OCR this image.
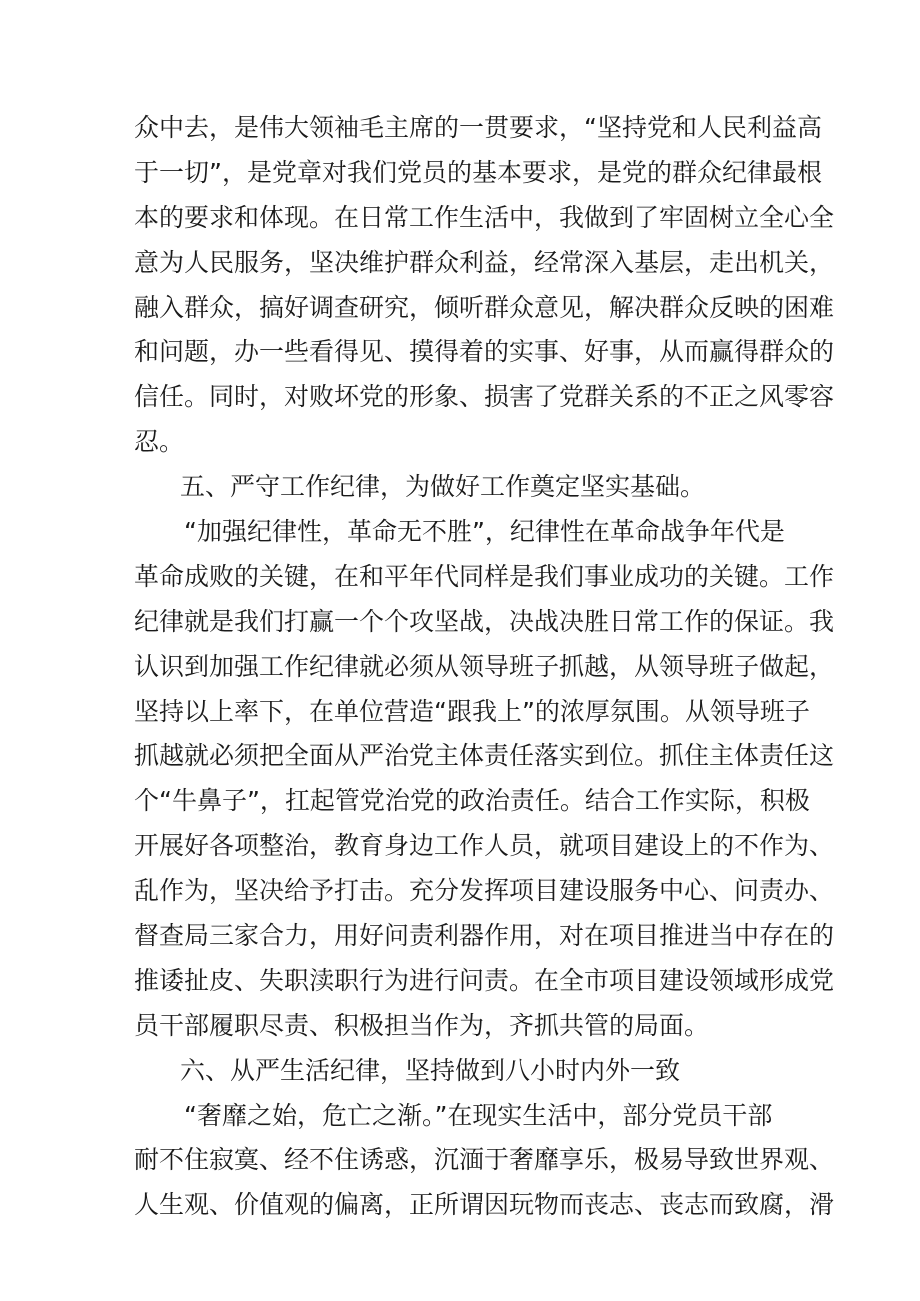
众中去，是伟大领袖毛主席的一贯要求，“坚持党和人民利益高
于一切”，是党章对我们党员的基本要求，是党的群众纪律最根
本的要求和体现。在日常工作生活中，我做到了牢固树立全心全
意为人民服务，坚决维护群众利益，经常深入基层，走出机关，
融入群众，搞好调查研究，倾听群众意见，解决群众反映的困难
和问题，办一些看得见、摸得着的实事、好事，从而赢得群众的
信任。同时，对败坏党的形象、损害了党群关系的不正之风零容
忍。
五、严守工作纪律，为做好工作奠定坚实基础。
“加强纪律性，革命无不胜”，纪律性在革命战争年代是
革命成败的关键，在和平年代同样是我们事业成功的关键。工作
纪律就是我们打赢一个个攻坚战，决战决胜日常工作的保证。我
认识到加强工作纪律就必须从领导班子抓越，从领导班子做起，
坚持以上率下，在单位营造“跟我上”的浓厚氛围。从领导班子
抓越就必须把全面从严治党主体责任落实到位。抓住主体责任这
个“牛鼻子”，扛起管党治党的政治责任。结合工作实际，积极
开展好各项整治，教育身边工作人员，就项目建设上的不作为、
乱作为，坚决给予打击。充分发挥项目建设服务中心、问责办、
督查局三家合力，用好问责利器作用，对在项目推进当中存在的
推诿扯皮、失职渎职行为进行问责。在全市项目建设领域形成党
员干部履职尽责、积极担当作为，齐抓共管的局面。
六、从严生活纪律，坚持做到八小时内外一致
“奢靡之始，危亡之渐。”在现实生活中，部分党员干部
耐不住寂寞、经不住诱惑，沉湎于奢靡享乐，极易导致世界观、
人生观、价值观的偏离，正所谓因玩物而丧志、丧志而致腐，滑
